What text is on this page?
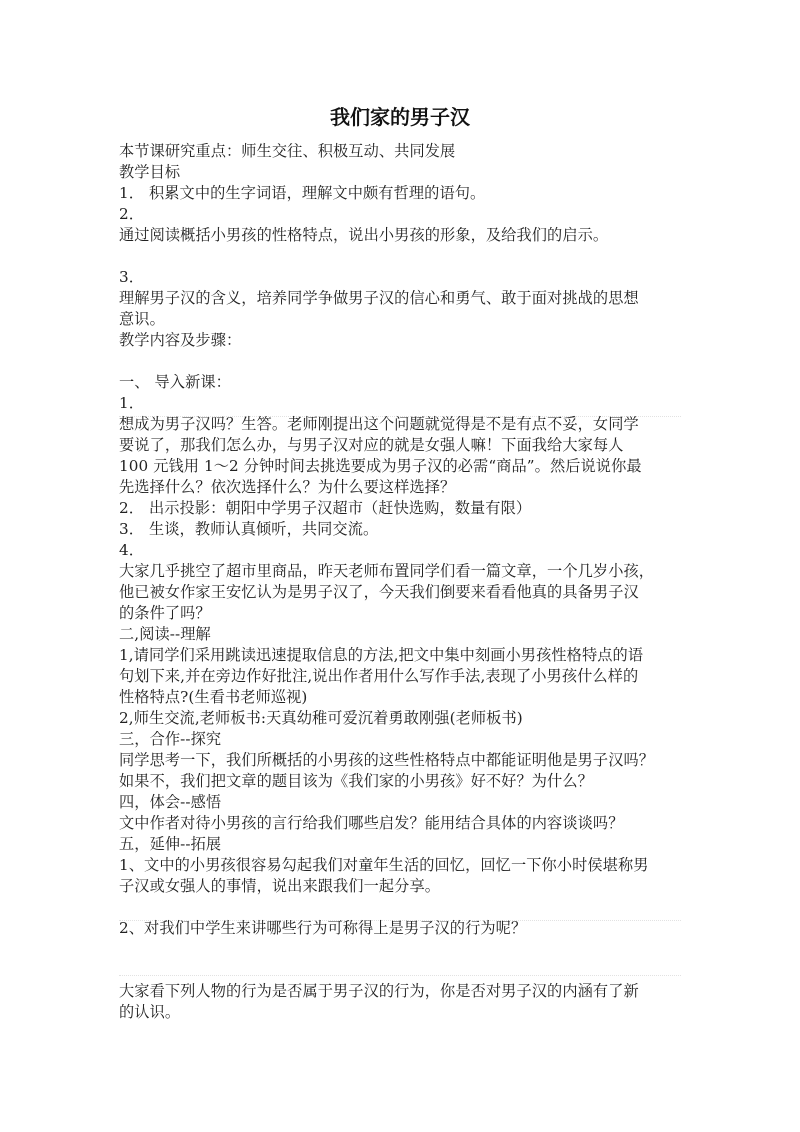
我们家的男子汉
本节课研究重点：师生交往、积极互动、共同发展
教学目标
1． 积累文中的生字词语，理解文中颇有哲理的语句。
2．
通过阅读概括小男孩的性格特点，说出小男孩的形象，及给我们的启示。
3．
理解男子汉的含义，培养同学争做男子汉的信心和勇气、敢于面对挑战的思想
意识。
教学内容及步骤：
一、 导入新课：
1．
想成为男子汉吗？生答。老师刚提出这个问题就觉得是不是有点不妥，女同学
要说了，那我们怎么办，与男子汉对应的就是女强人嘛！下面我给大家每人
100 元钱用 1～2 分钟时间去挑选要成为男子汉的必需“商品”。然后说说你最
先选择什么？依次选择什么？为什么要这样选择？
2． 出示投影：朝阳中学男子汉超市（赶快选购，数量有限）
3． 生谈，教师认真倾听，共同交流。
4．
大家几乎挑空了超市里商品，昨天老师布置同学们看一篇文章，一个几岁小孩，
他已被女作家王安忆认为是男子汉了，今天我们倒要来看看他真的具备男子汉
的条件了吗？
二,阅读--理解
1,请同学们采用跳读迅速提取信息的方法,把文中集中刻画小男孩性格特点的语
句划下来,并在旁边作好批注,说出作者用什么写作手法,表现了小男孩什么样的
性格特点?(生看书老师巡视)
2,师生交流,老师板书:天真幼稚可爱沉着勇敢刚强(老师板书)
三，合作--探究
同学思考一下，我们所概括的小男孩的这些性格特点中都能证明他是男子汉吗？
如果不，我们把文章的题目该为《我们家的小男孩》好不好？为什么？
四，体会--感悟
文中作者对待小男孩的言行给我们哪些启发？能用结合具体的内容谈谈吗？
五，延伸--拓展
1、文中的小男孩很容易勾起我们对童年生活的回忆，回忆一下你小时侯堪称男
子汉或女强人的事情，说出来跟我们一起分享。
2、对我们中学生来讲哪些行为可称得上是男子汉的行为呢？
大家看下列人物的行为是否属于男子汉的行为，你是否对男子汉的内涵有了新
的认识。
